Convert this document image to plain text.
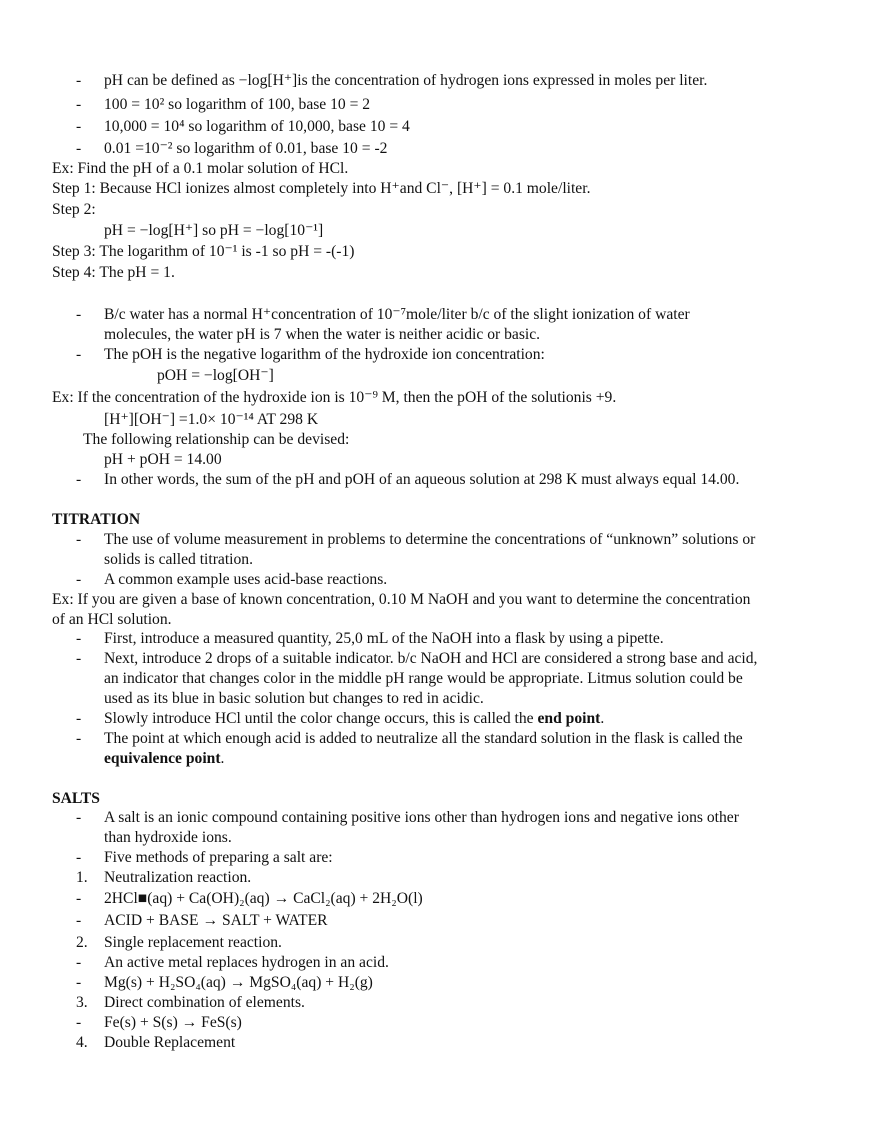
- pH can be defined as −log[H⁺]is the concentration of hydrogen ions expressed in moles per liter.
- 100 = 10² so logarithm of 100, base 10 = 2
- 10,000 = 10⁴ so logarithm of 10,000, base 10 = 4
- 0.01 =10⁻² so logarithm of 0.01, base 10 = -2
Ex: Find the pH of a 0.1 molar solution of HCl.
Step 1: Because HCl ionizes almost completely into H⁺and Cl⁻, [H⁺] = 0.1 mole/liter.
Step 2:
pH = −log[H⁺] so pH = −log[10⁻¹]
Step 3: The logarithm of 10⁻¹ is -1 so pH = -(-1)
Step 4: The pH = 1.
- B/c water has a normal H⁺concentration of 10⁻⁷mole/liter b/c of the slight ionization of water
molecules, the water pH is 7 when the water is neither acidic or basic.
- The pOH is the negative logarithm of the hydroxide ion concentration:
pOH = −log[OH⁻]
Ex: If the concentration of the hydroxide ion is 10⁻⁹ M, then the pOH of the solutionis +9.
[H⁺][OH⁻] =1.0× 10⁻¹⁴ AT 298 K
The following relationship can be devised:
pH + pOH = 14.00
- In other words, the sum of the pH and pOH of an aqueous solution at 298 K must always equal 14.00.
TITRATION
- The use of volume measurement in problems to determine the concentrations of “unknown” solutions or
solids is called titration.
- A common example uses acid-base reactions.
Ex: If you are given a base of known concentration, 0.10 M NaOH and you want to determine the concentration
of an HCl solution.
- First, introduce a measured quantity, 25,0 mL of the NaOH into a flask by using a pipette.
- Next, introduce 2 drops of a suitable indicator. b/c NaOH and HCl are considered a strong base and acid,
an indicator that changes color in the middle pH range would be appropriate. Litmus solution could be
used as its blue in basic solution but changes to red in acidic.
- Slowly introduce HCl until the color change occurs, this is called the end point.
- The point at which enough acid is added to neutralize all the standard solution in the flask is called the
equivalence point.
SALTS
- A salt is an ionic compound containing positive ions other than hydrogen ions and negative ions other
than hydroxide ions.
- Five methods of preparing a salt are:
1. Neutralization reaction.
- 2HCl■(aq) + Ca(OH)₂(aq) → CaCl₂(aq) + 2H₂O(l)
- ACID + BASE → SALT + WATER
2. Single replacement reaction.
- An active metal replaces hydrogen in an acid.
- Mg(s) + H₂SO₄(aq) → MgSO₄(aq) + H₂(g)
3. Direct combination of elements.
- Fe(s) + S(s) → FeS(s)
4. Double Replacement
